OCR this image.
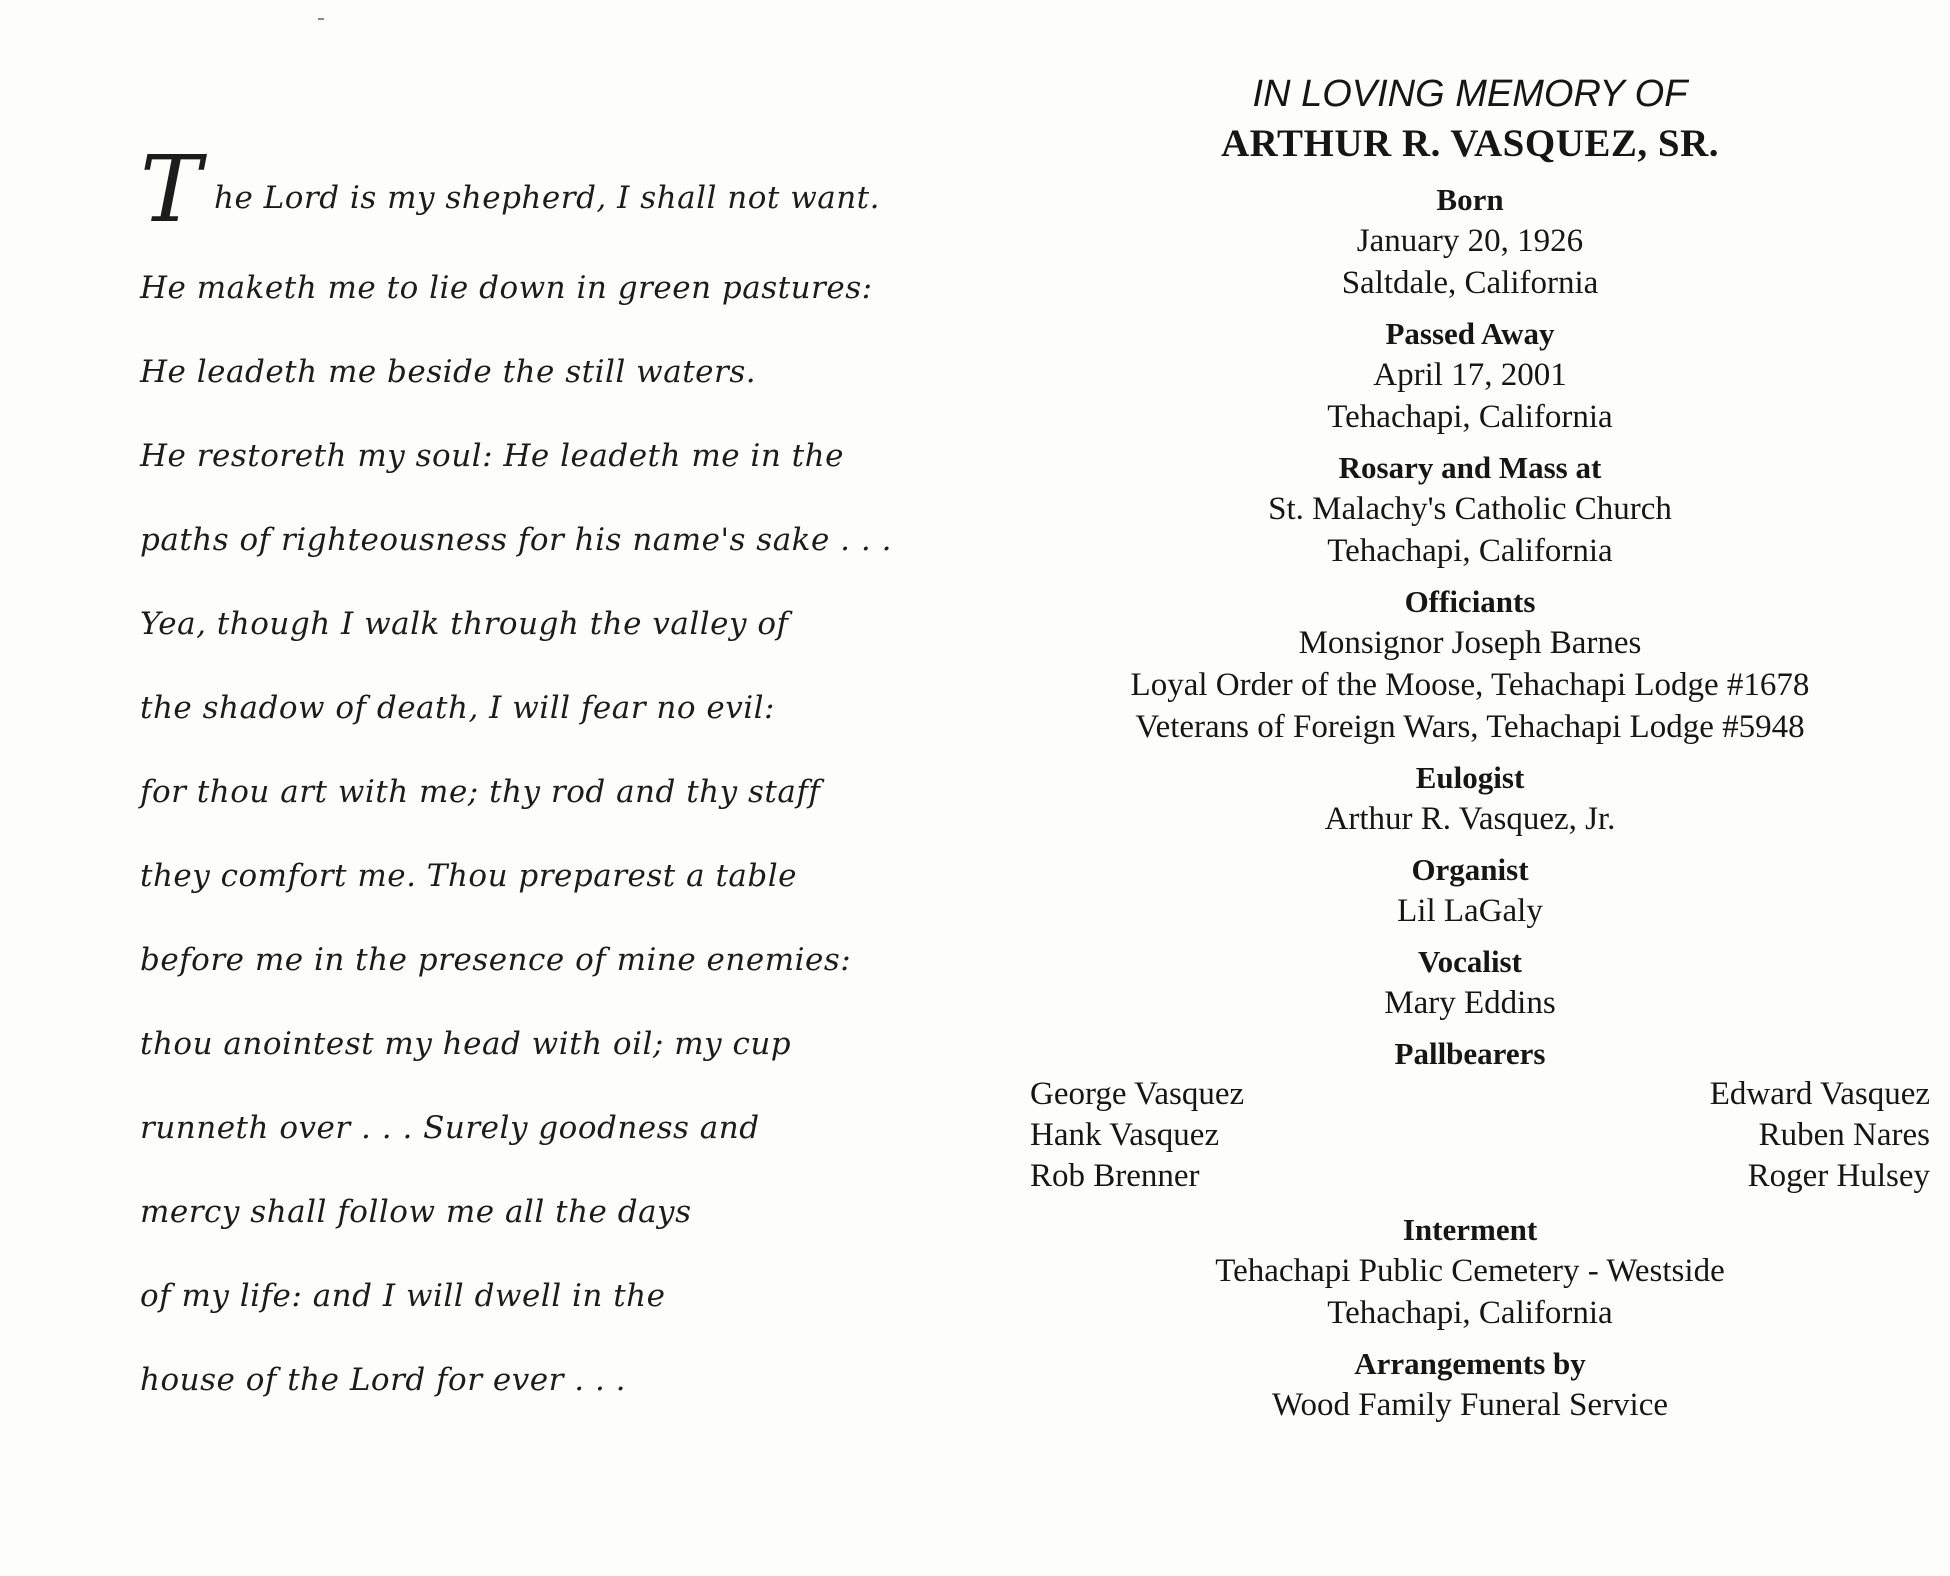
T he Lord is my shepherd, I shall not want.
He maketh me to lie down in green pastures:
He leadeth me beside the still waters.
He restoreth my soul: He leadeth me in the
paths of righteousness for his name's sake . . .
Yea, though I walk through the valley of
the shadow of death, I will fear no evil:
for thou art with me; thy rod and thy staff
they comfort me. Thou preparest a table
before me in the presence of mine enemies:
thou anointest my head with oil; my cup
runneth over . . . Surely goodness and
mercy shall follow me all the days
of my life: and I will dwell in the
house of the Lord for ever . . .
IN LOVING MEMORY OF
ARTHUR R. VASQUEZ, SR.
Born
January 20, 1926
Saltdale, California
Passed Away
April 17, 2001
Tehachapi, California
Rosary and Mass at
St. Malachy's Catholic Church
Tehachapi, California
Officiants
Monsignor Joseph Barnes
Loyal Order of the Moose, Tehachapi Lodge #1678
Veterans of Foreign Wars, Tehachapi Lodge #5948
Eulogist
Arthur R. Vasquez, Jr.
Organist
Lil LaGaly
Vocalist
Mary Eddins
Pallbearers
George Vasquez
Hank Vasquez
Rob Brenner
Edward Vasquez
Ruben Nares
Roger Hulsey
Interment
Tehachapi Public Cemetery - Westside
Tehachapi, California
Arrangements by
Wood Family Funeral Service
